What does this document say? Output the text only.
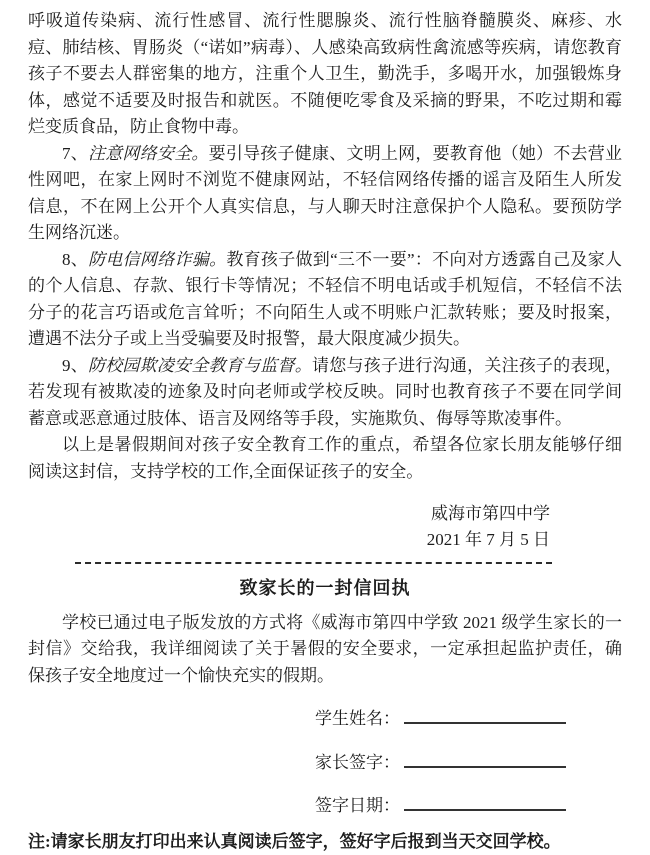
呼吸道传染病、流行性感冒、流行性腮腺炎、流行性脑脊髓膜炎、麻疹、水痘、肺结核、胃肠炎（“诺如”病毒）、人感染高致病性禽流感等疾病，请您教育孩子不要去人群密集的地方，注重个人卫生，勤洗手，多喝开水，加强锻炼身体，感觉不适要及时报告和就医。不随便吃零食及采摘的野果，不吃过期和霉烂变质食品，防止食物中毒。

7、注意网络安全。要引导孩子健康、文明上网，要教育他（她）不去营业性网吧，在家上网时不浏览不健康网站，不轻信网络传播的谣言及陌生人所发信息，不在网上公开个人真实信息，与人聊天时注意保护个人隐私。要预防学生网络沉迷。

8、防电信网络诈骗。教育孩子做到“三不一要”：不向对方透露自己及家人的个人信息、存款、银行卡等情况；不轻信不明电话或手机短信，不轻信不法分子的花言巧语或危言耸听；不向陌生人或不明账户汇款转账；要及时报案，遭遇不法分子或上当受骗要及时报警，最大限度减少损失。

9、防校园欺凌安全教育与监督。请您与孩子进行沟通，关注孩子的表现，若发现有被欺凌的迹象及时向老师或学校反映。同时也教育孩子不要在同学间蓄意或恶意通过肢体、语言及网络等手段，实施欺负、侮辱等欺凌事件。

以上是暑假期间对孩子安全教育工作的重点，希望各位家长朋友能够仔细阅读这封信，支持学校的工作,全面保证孩子的安全。

威海市第四中学
2021 年 7 月 5 日
致家长的一封信回执

学校已通过电子版发放的方式将《威海市第四中学致 2021 级学生家长的一封信》交给我，我详细阅读了关于暑假的安全要求，一定承担起监护责任，确保孩子安全地度过一个愉快充实的假期。

学生姓名：
家长签字：
签字日期：

注:请家长朋友打印出来认真阅读后签字，签好字后报到当天交回学校。
